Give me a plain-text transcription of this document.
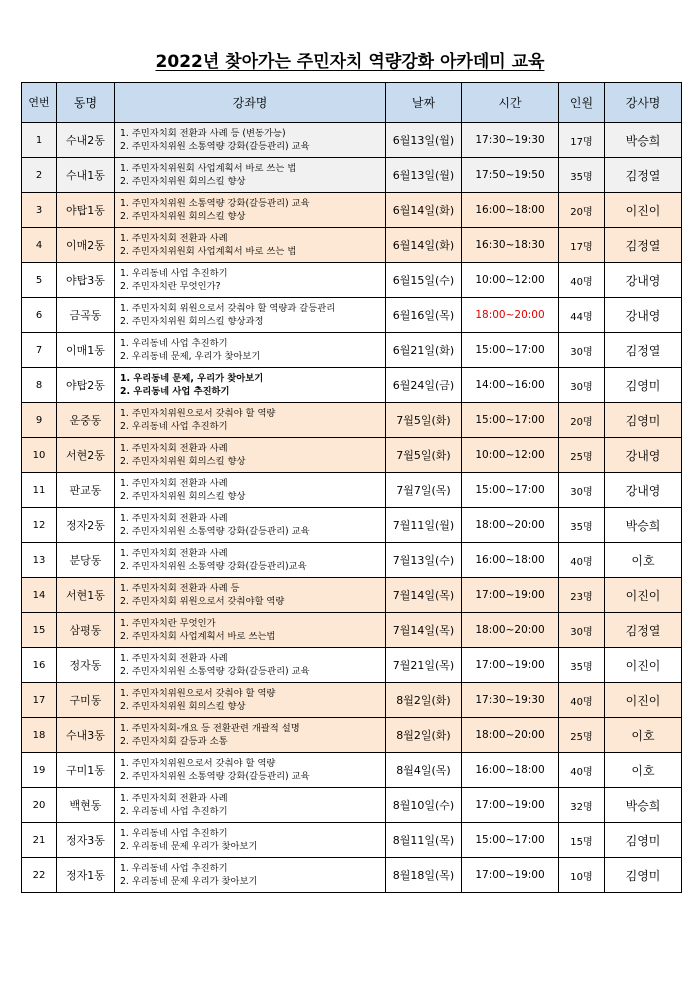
2022년 찾아가는 주민자치 역량강화 아카데미 교육
연번	동명	강좌명	날짜	시간	인원	강사명
1	수내2동	1. 주민자치회 전환과 사례 등 (변동가능)
2. 주민자치위원 소통역량 강화(갈등관리) 교육	6월13일(월)	17:30~19:30	17명	박승희
2	수내1동	1. 주민자치위원회 사업계획서 바로 쓰는 법
2. 주민자치위원 회의스킬 향상	6월13일(월)	17:50~19:50	35명	김정열
3	야탑1동	1. 주민자치위원 소통역량 강화(갈등관리) 교육
2. 주민자치위원 회의스킬 향상	6월14일(화)	16:00~18:00	20명	이진이
4	이매2동	1. 주민자치회 전환과 사례
2. 주민자치위원회 사업계획서 바로 쓰는 법	6월14일(화)	16:30~18:30	17명	김정열
5	야탑3동	1. 우리동네 사업 추진하기
2. 주민자치란 무엇인가?	6월15일(수)	10:00~12:00	40명	강내영
6	금곡동	1. 주민자치회 위원으로서 갖춰야 할 역량과 갈등관리
2. 주민자치위원 회의스킬 향상과정	6월16일(목)	18:00~20:00	44명	강내영
7	이매1동	1. 우리동네 사업 추진하기
2. 우리동네 문제, 우리가 찾아보기	6월21일(화)	15:00~17:00	30명	김정열
8	야탑2동	1. 우리동네 문제, 우리가 찾아보기
2. 우리동네 사업 추진하기	6월24일(금)	14:00~16:00	30명	김영미
9	운중동	1. 주민자치위원으로서 갖춰야 할 역량
2. 우리동네 사업 추진하기	7월5일(화)	15:00~17:00	20명	김영미
10	서현2동	1. 주민자치회 전환과 사례
2. 주민자치위원 회의스킬 향상	7월5일(화)	10:00~12:00	25명	강내영
11	판교동	1. 주민자치회 전환과 사례
2. 주민자치위원 회의스킬 향상	7월7일(목)	15:00~17:00	30명	강내영
12	정자2동	1. 주민자치회 전환과 사례
2. 주민자치위원 소통역량 강화(갈등관리) 교육	7월11일(월)	18:00~20:00	35명	박승희
13	분당동	1. 주민자치회 전환과 사례
2. 주민자치위원 소통역량 강화(갈등관리)교육	7월13일(수)	16:00~18:00	40명	이호
14	서현1동	1. 주민자치회 전환과 사례 등
2. 주민자치회 위원으로서 갖춰야할 역량	7월14일(목)	17:00~19:00	23명	이진이
15	삼평동	1. 주민자치란 무엇인가
2. 주민자치회 사업계획서 바로 쓰는법	7월14일(목)	18:00~20:00	30명	김정열
16	정자동	1. 주민자치회 전환과 사례
2. 주민자치위원 소통역량 강화(갈등관리) 교육	7월21일(목)	17:00~19:00	35명	이진이
17	구미동	1. 주민자치위원으로서 갖춰야 할 역량
2. 주민자치위원 회의스킬 향상	8월2일(화)	17:30~19:30	40명	이진이
18	수내3동	1. 주민자치회-개요 등 전환관련 개괄적 설명
2. 주민자치회 갈등과 소통	8월2일(화)	18:00~20:00	25명	이호
19	구미1동	1. 주민자치위원으로서 갖춰야 할 역량
2. 주민자치위원 소통역량 강화(갈등관리) 교육	8월4일(목)	16:00~18:00	40명	이호
20	백현동	1. 주민자치회 전환과 사례
2. 우리동네 사업 추진하기	8월10일(수)	17:00~19:00	32명	박승희
21	정자3동	1. 우리동네 사업 추진하기
2. 우리동네 문제 우리가 찾아보기	8월11일(목)	15:00~17:00	15명	김영미
22	정자1동	1. 우리동네 사업 추진하기
2. 우리동네 문제 우리가 찾아보기	8월18일(목)	17:00~19:00	10명	김영미
